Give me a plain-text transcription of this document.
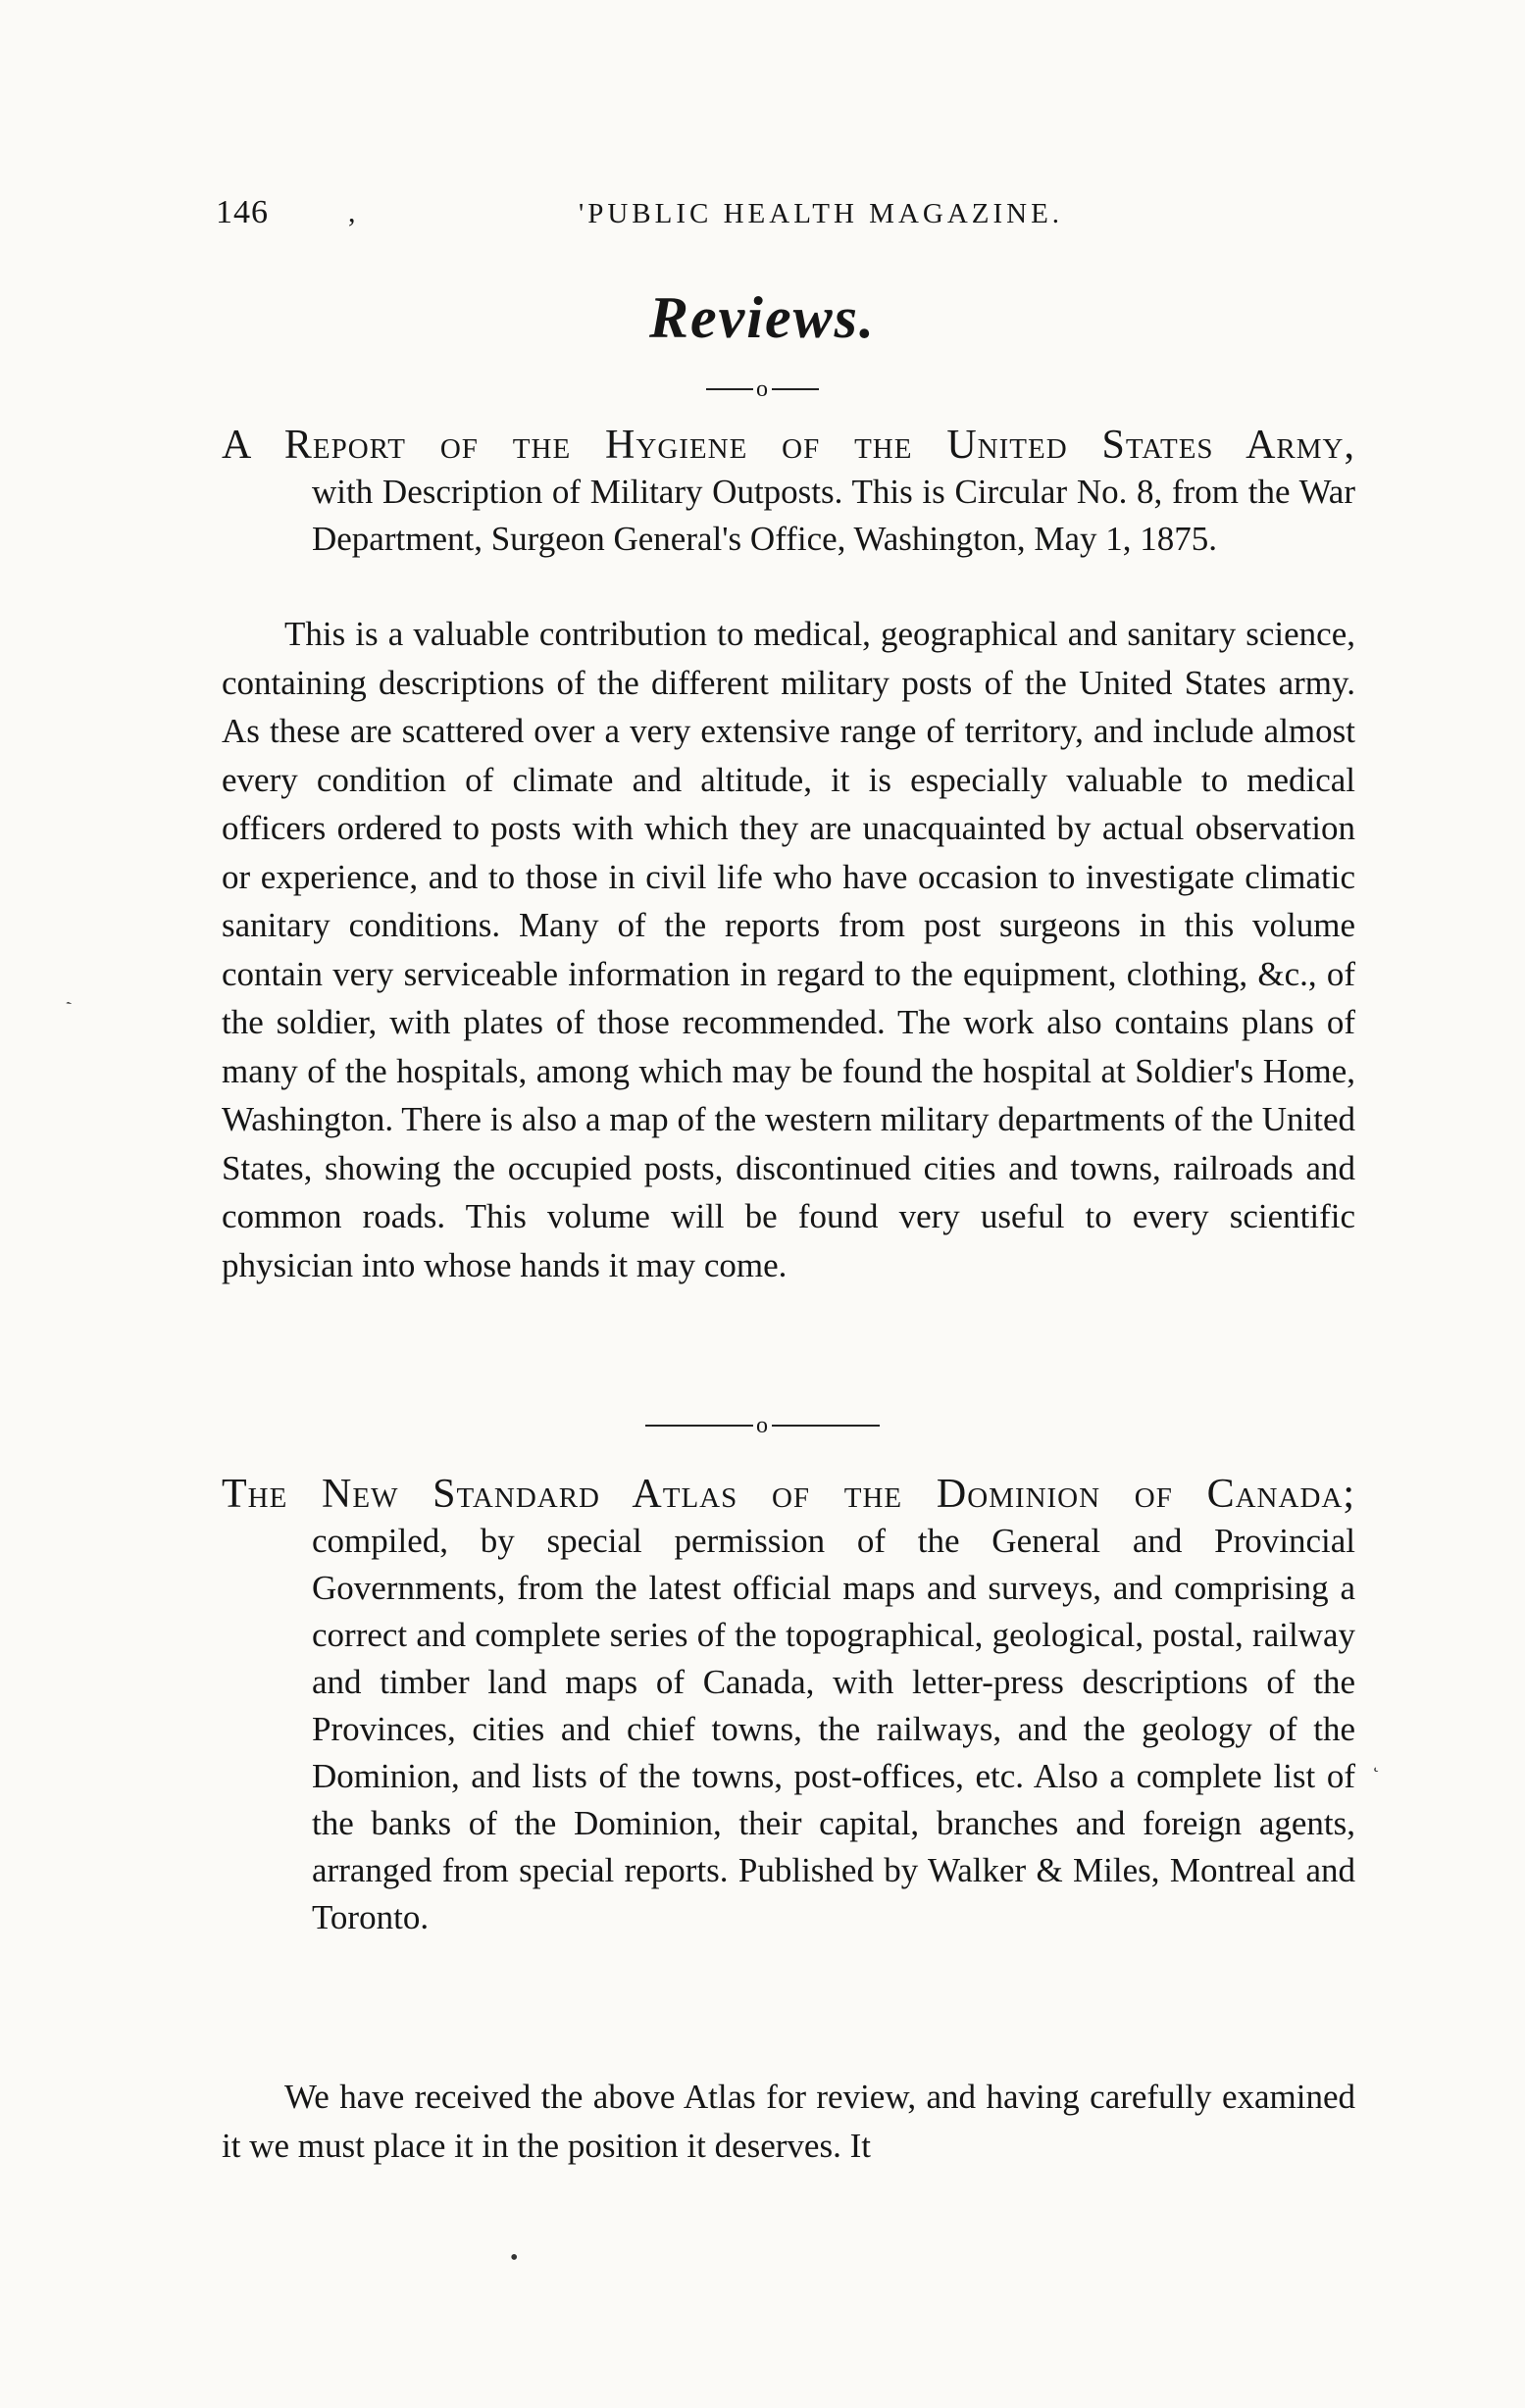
146	,	'PUBLIC HEALTH MAGAZINE.
Reviews.
o
A Report of the Hygiene of the United States Army,
with Description of Military Outposts. This is Circular No. 8, from the War Department, Surgeon General's Office, Washington, May 1, 1875.
This is a valuable contribution to medical, geographical and sanitary science, containing descriptions of the different military posts of the United States army. As these are scattered over a very extensive range of territory, and include almost every condition of climate and altitude, it is especially valuable to medical officers ordered to posts with which they are unacquainted by actual observation or experience, and to those in civil life who have occasion to investigate climatic sanitary conditions. Many of the reports from post surgeons in this volume contain very serviceable information in regard to the equipment, clothing, &c., of the soldier, with plates of those recommended. The work also contains plans of many of the hospitals, among which may be found the hospital at Soldier's Home, Washington. There is also a map of the western military departments of the United States, showing the occupied posts, discontinued cities and towns, railroads and common roads. This volume will be found very useful to every scientific physician into whose hands it may come.
o
The New Standard Atlas of the Dominion of Canada;
compiled, by special permission of the General and Provincial Governments, from the latest official maps and surveys, and comprising a correct and complete series of the topographical, geological, postal, railway and timber land maps of Canada, with letter-press descriptions of the Provinces, cities and chief towns, the railways, and the geology of the Dominion, and lists of the towns, post-offices, etc. Also a complete list of the banks of the Dominion, their capital, branches and foreign agents, arranged from special reports. Published by Walker & Miles, Montreal and Toronto.
We have received the above Atlas for review, and having carefully examined it we must place it in the position it deserves. It
•
˛
ˋ
